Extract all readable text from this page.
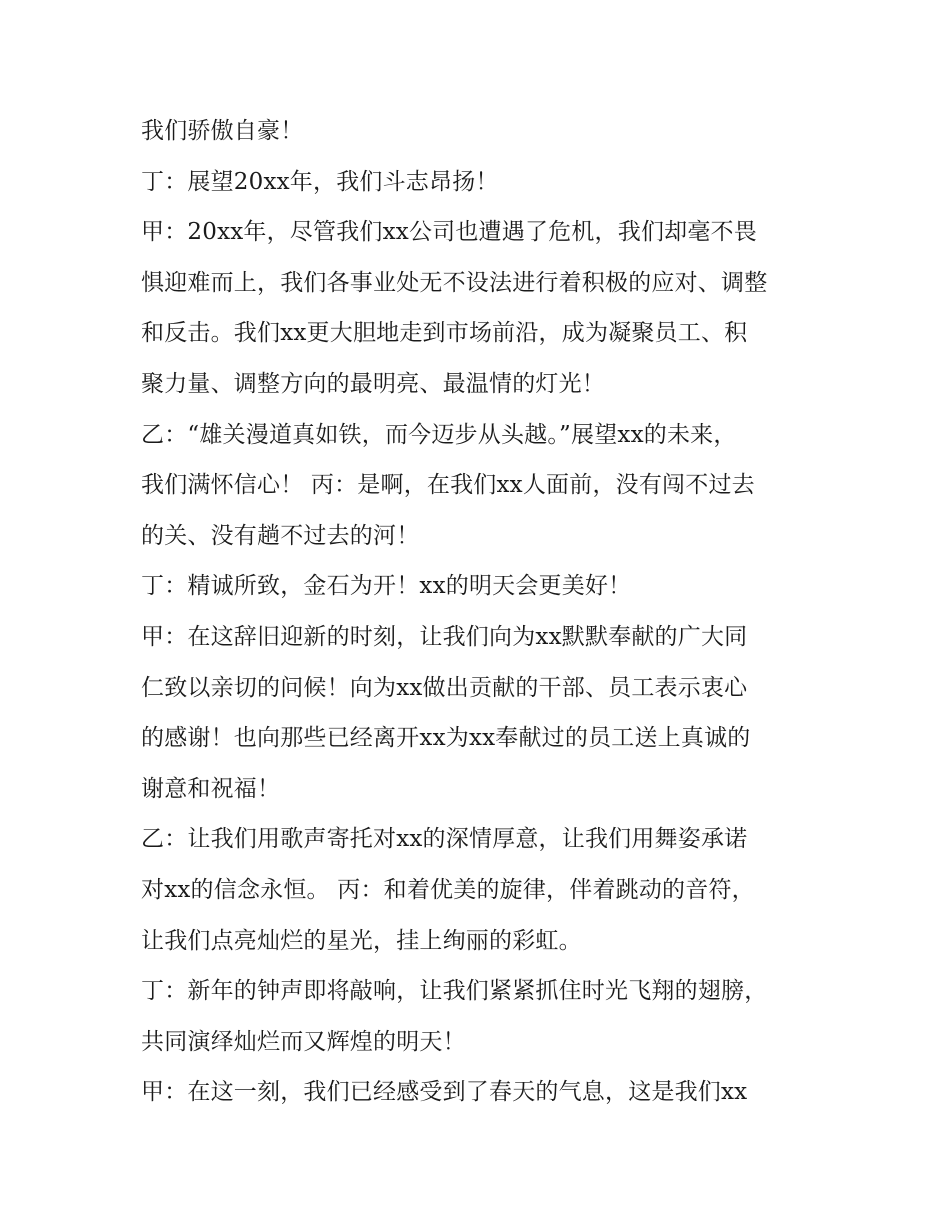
我们骄傲自豪！
丁：展望20xx年，我们斗志昂扬！
甲：20xx年，尽管我们xx公司也遭遇了危机，我们却毫不畏
惧迎难而上，我们各事业处无不设法进行着积极的应对、调整
和反击。我们xx更大胆地走到市场前沿，成为凝聚员工、积
聚力量、调整方向的最明亮、最温情的灯光！
乙：“雄关漫道真如铁，而今迈步从头越。”展望xx的未来，
我们满怀信心！ 丙：是啊，在我们xx人面前，没有闯不过去
的关、没有趟不过去的河！
丁：精诚所致，金石为开！xx的明天会更美好！
甲：在这辞旧迎新的时刻，让我们向为xx默默奉献的广大同
仁致以亲切的问候！向为xx做出贡献的干部、员工表示衷心
的感谢！也向那些已经离开xx为xx奉献过的员工送上真诚的
谢意和祝福！
乙：让我们用歌声寄托对xx的深情厚意，让我们用舞姿承诺
对xx的信念永恒。 丙：和着优美的旋律，伴着跳动的音符，
让我们点亮灿烂的星光，挂上绚丽的彩虹。
丁：新年的钟声即将敲响，让我们紧紧抓住时光飞翔的翅膀，
共同演绎灿烂而又辉煌的明天！
甲：在这一刻，我们已经感受到了春天的气息，这是我们xx
